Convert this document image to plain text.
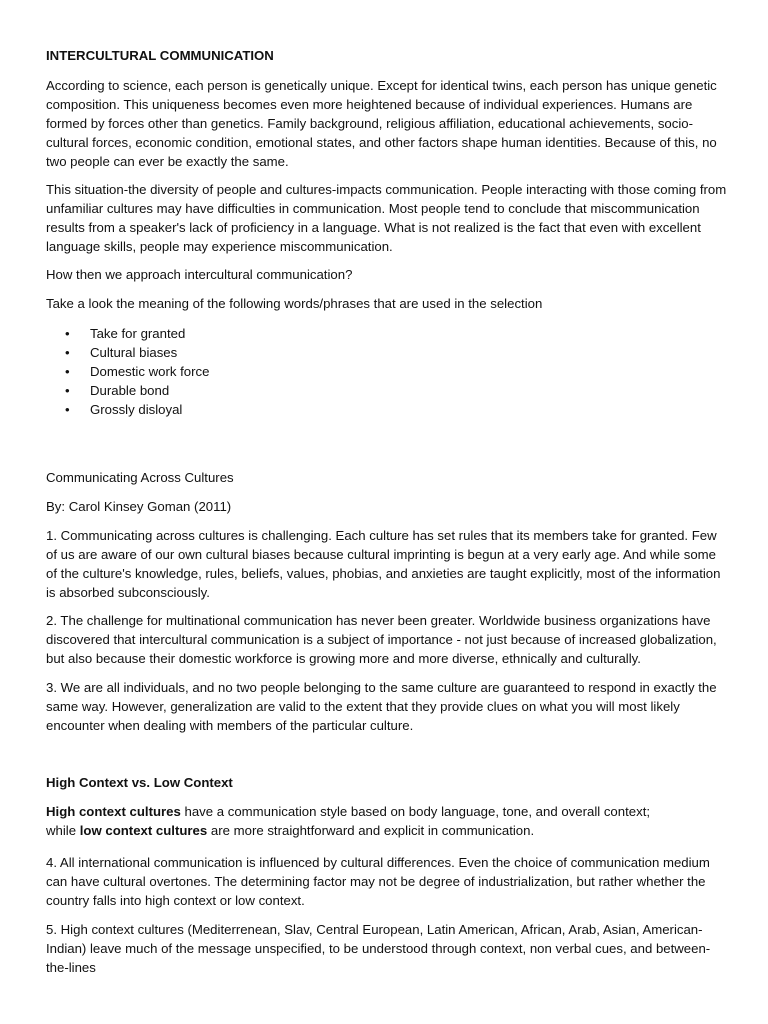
INTERCULTURAL COMMUNICATION

According to science, each person is genetically unique. Except for identical twins, each person has unique genetic composition. This uniqueness becomes even more heightened because of individual experiences. Humans are formed by forces other than genetics. Family background, religious affiliation, educational achievements, socio-cultural forces, economic condition, emotional states, and other factors shape human identities. Because of this, no two people can ever be exactly the same.

This situation-the diversity of people and cultures-impacts communication. People interacting with those coming from unfamiliar cultures may have difficulties in communication. Most people tend to conclude that miscommunication results from a speaker's lack of proficiency in a language. What is not realized is the fact that even with excellent language skills, people may experience miscommunication.

How then we approach intercultural communication?

Take a look the meaning of the following words/phrases that are used in the selection

• Take for granted
• Cultural biases
• Domestic work force
• Durable bond
• Grossly disloyal

Communicating Across Cultures

By: Carol Kinsey Goman (2011)

1. Communicating across cultures is challenging. Each culture has set rules that its members take for granted. Few of us are aware of our own cultural biases because cultural imprinting is begun at a very early age. And while some of the culture's knowledge, rules, beliefs, values, phobias, and anxieties are taught explicitly, most of the information is absorbed subconsciously.

2. The challenge for multinational communication has never been greater. Worldwide business organizations have discovered that intercultural communication is a subject of importance - not just because of increased globalization, but also because their domestic workforce is growing more and more diverse, ethnically and culturally.

3. We are all individuals, and no two people belonging to the same culture are guaranteed to respond in exactly the same way. However, generalization are valid to the extent that they provide clues on what you will most likely encounter when dealing with members of the particular culture.

High Context vs. Low Context

High context cultures have a communication style based on body language, tone, and overall context;
while low context cultures are more straightforward and explicit in communication.

4. All international communication is influenced by cultural differences. Even the choice of communication medium can have cultural overtones. The determining factor may not be degree of industrialization, but rather whether the country falls into high context or low context.

5. High context cultures (Mediterrenean, Slav, Central European, Latin American, African, Arab, Asian, American-Indian) leave much of the message unspecified, to be understood through context, non verbal cues, and between-the-lines
